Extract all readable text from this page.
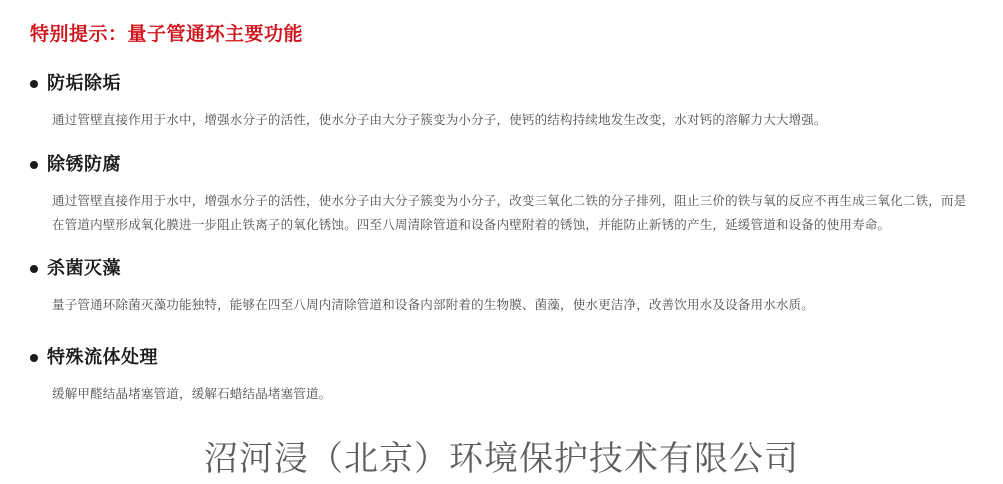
特别提示：量子管通环主要功能
防垢除垢

通过管壁直接作用于水中，增强水分子的活性，使水分子由大分子簇变为小分子，使钙的结构持续地发生改变，水对钙的溶解力大大增强。

除锈防腐

通过管壁直接作用于水中，增强水分子的活性，使水分子由大分子簇变为小分子，改变三氧化二铁的分子排列，阻止三价的铁与氧的反应不再生成三氧化二铁，而是在管道内壁形成氧化膜进一步阻止铁离子的氧化锈蚀。四至八周清除管道和设备内壁附着的锈蚀，并能防止新锈的产生，延缓管道和设备的使用寿命。

杀菌灭藻

量子管通环除菌灭藻功能独特，能够在四至八周内清除管道和设备内部附着的生物膜、菌藻，使水更洁净，改善饮用水及设备用水水质。

特殊流体处理

缓解甲醛结晶堵塞管道，缓解石蜡结晶堵塞管道。

沼河浸（北京）环境保护技术有限公司
